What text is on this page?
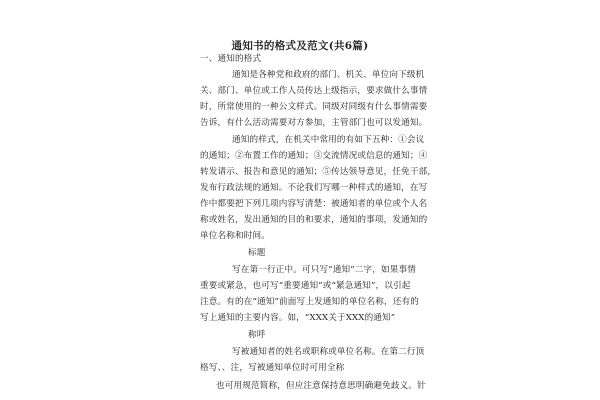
通知书的格式及范文(共6篇)
一、通知的格式
通知是各种党和政府的部门、机关、单位向下级机
关、部门、单位或工作人员传达上级指示，要求做什么事情
时，所常使用的一种公文样式。同级对同级有什么事情需要
告诉，有什么活动需要对方参加，主管部门也可以发通知。
通知的样式，在机关中常用的有如下五种：①会议
的通知；②布置工作的通知；③交流情况或信息的通知；④
转发请示、报告和意见的通知；⑤传达领导意见，任免干部，
发布行政法规的通知。不论我们写哪一种样式的通知，在写
作中都要把下列几项内容写清楚：被通知者的单位或个人名
称或姓名，发出通知的目的和要求，通知的事项，发通知的
单位名称和时间。
标题
写在第一行正中。可只写“通知”二字，如果事情
重要或紧急，也可写“重要通知”或“紧急通知”，以引起
注意。有的在“通知”前面写上发通知的单位名称，还有的
写上通知的主要内容。如，“XXX关于XXX的通知”
称呼
写被通知者的姓名或职称或单位名称。在第二行顶
格写、、注，写被通知单位时可用全称
也可用规范简称，但应注意保持意思明确避免歧义。针
